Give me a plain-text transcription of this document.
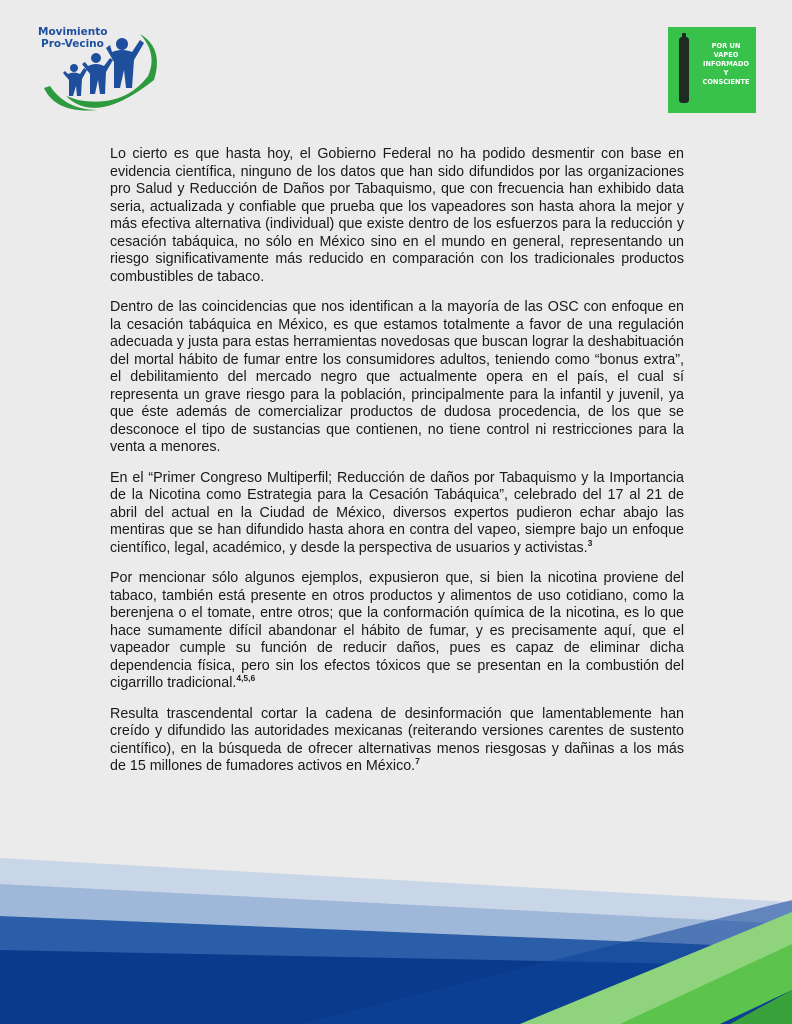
Movimiento
Pro-Vecino	POR UN
VAPEO
INFORMADO
Y
CONSCIENTE

Lo cierto es que hasta hoy, el Gobierno Federal no ha podido desmentir con base en evidencia científica, ninguno de los datos que han sido difundidos por las organizaciones pro Salud y Reducción de Daños por Tabaquismo, que con frecuencia han exhibido data seria, actualizada y confiable que prueba que los vapeadores son hasta ahora la mejor y más efectiva alternativa (individual) que existe dentro de los esfuerzos para la reducción y cesación tabáquica, no sólo en México sino en el mundo en general, representando un riesgo significativamente más reducido en comparación con los tradicionales productos combustibles de tabaco.

Dentro de las coincidencias que nos identifican a la mayoría de las OSC con enfoque en la cesación tabáquica en México, es que estamos totalmente a favor de una regulación adecuada y justa para estas herramientas novedosas que buscan lograr la deshabituación del mortal hábito de fumar entre los consumidores adultos, teniendo como “bonus extra”, el debilitamiento del mercado negro que actualmente opera en el país, el cual sí representa un grave riesgo para la población, principalmente para la infantil y juvenil, ya que éste además de comercializar productos de dudosa procedencia, de los que se desconoce el tipo de sustancias que contienen, no tiene control ni restricciones para la venta a menores.

En el “Primer Congreso Multiperfil; Reducción de daños por Tabaquismo y la Importancia de la Nicotina como Estrategia para la Cesación Tabáquica”, celebrado del 17 al 21 de abril del actual en la Ciudad de México, diversos expertos pudieron echar abajo las mentiras que se han difundido hasta ahora en contra del vapeo, siempre bajo un enfoque científico, legal, académico, y desde la perspectiva de usuarios y activistas.$^3$

Por mencionar sólo algunos ejemplos, expusieron que, si bien la nicotina proviene del tabaco, también está presente en otros productos y alimentos de uso cotidiano, como la berenjena o el tomate, entre otros; que la conformación química de la nicotina, es lo que hace sumamente difícil abandonar el hábito de fumar, y es precisamente aquí, que el vapeador cumple su función de reducir daños, pues es capaz de eliminar dicha dependencia física, pero sin los efectos tóxicos que se presentan en la combustión del cigarrillo tradicional.$^{4,5,6}$

Resulta trascendental cortar la cadena de desinformación que lamentablemente han creído y difundido las autoridades mexicanas (reiterando versiones carentes de sustento científico), en la búsqueda de ofrecer alternativas menos riesgosas y dañinas a los más de 15 millones de fumadores activos en México.$^7$
